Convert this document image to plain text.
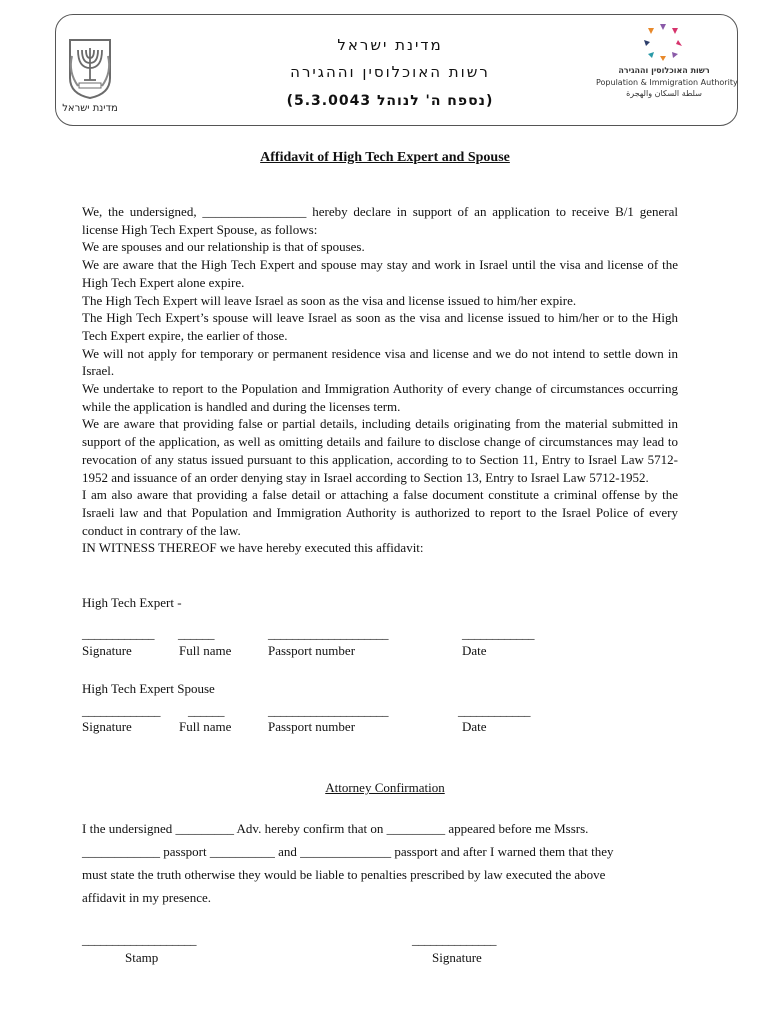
מדינת ישראל
מדינת ישראל
רשות האוכלוסין וההגירה
(נספח ה' לנוהל 5.3.0043)
רשות האוכלוסין וההגירה
Population & Immigration Authority
سلطة السكان والهجرة
Affidavit of High Tech Expert and Spouse

We, the undersigned, ________________ hereby declare in support of an application to receive B/1 general license High Tech Expert Spouse, as follows:

We are spouses and our relationship is that of spouses.

We are aware that the High Tech Expert and spouse may stay and work in Israel until the visa and license of the High Tech Expert alone expire.

The High Tech Expert will leave Israel as soon as the visa and license issued to him/her expire.

The High Tech Expert’s spouse will leave Israel as soon as the visa and license issued to him/her or to the High Tech Expert expire, the earlier of those.

We will not apply for temporary or permanent residence visa and license and we do not intend to settle down in Israel.

We undertake to report to the Population and Immigration Authority of every change of circumstances occurring while the application is handled and during the licenses term.

We are aware that providing false or partial details, including details originating from the material submitted in support of the application, as well as omitting details and failure to disclose change of circumstances may lead to revocation of any status issued pursuant to this application, according to to Section 11, Entry to Israel Law 5712-1952 and issuance of an order denying stay in Israel according to Section 13, Entry to Israel Law 5712-1952.

I am also aware that providing a false detail or attaching a false document constitute a criminal offense by the Israeli law and that Population and Immigration Authority is authorized to report to the Israel Police of every conduct in contrary of the law.

IN WITNESS THEREOF we have hereby executed this affidavit:

High Tech Expert -
____________ ______	____________________	____________
Signature	Full name	Passport number	Date
High Tech Expert Spouse
_____________ ______	____________________	____________
Signature	Full name	Passport number	Date
Attorney Confirmation

I the undersigned _________ Adv. hereby confirm that on _________ appeared before me Mssrs.

____________ passport __________ and ______________ passport and after I warned them that they

must state the truth otherwise they would be liable to penalties prescribed by law executed the above

affidavit in my presence.

___________________
Stamp
______________
Signature
